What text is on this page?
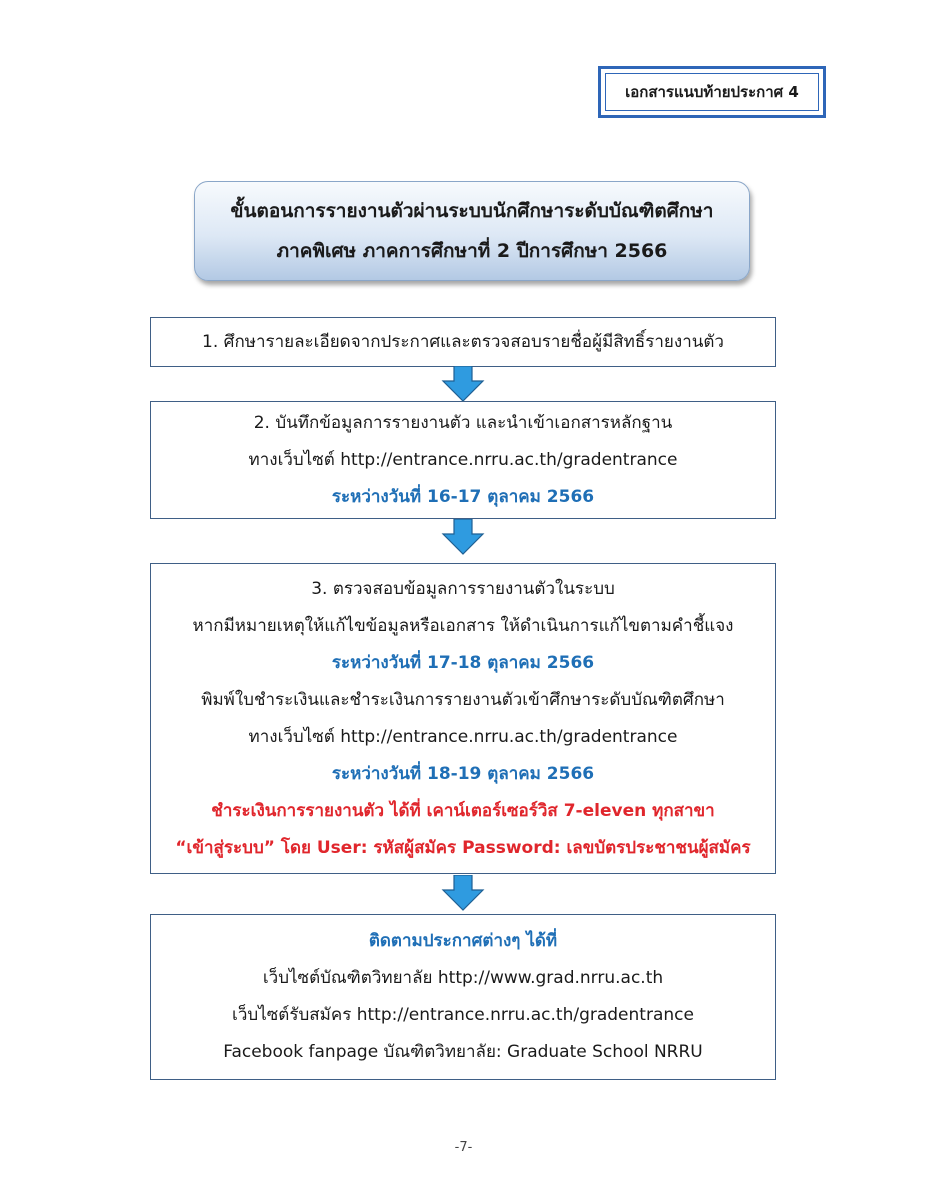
เอกสารแนบท้ายประกาศ 4
ขั้นตอนการรายงานตัวผ่านระบบนักศึกษาระดับบัณฑิตศึกษา
ภาคพิเศษ ภาคการศึกษาที่ 2 ปีการศึกษา 2566
1. ศึกษารายละเอียดจากประกาศและตรวจสอบรายชื่อผู้มีสิทธิ์รายงานตัว
2. บันทึกข้อมูลการรายงานตัว และนำเข้าเอกสารหลักฐาน
ทางเว็บไซต์ http://entrance.nrru.ac.th/gradentrance
ระหว่างวันที่ 16-17 ตุลาคม 2566
3. ตรวจสอบข้อมูลการรายงานตัวในระบบ
หากมีหมายเหตุให้แก้ไขข้อมูลหรือเอกสาร ให้ดำเนินการแก้ไขตามคำชี้แจง
ระหว่างวันที่ 17-18 ตุลาคม 2566
พิมพ์ใบชำระเงินและชำระเงินการรายงานตัวเข้าศึกษาระดับบัณฑิตศึกษา
ทางเว็บไซต์ http://entrance.nrru.ac.th/gradentrance
ระหว่างวันที่ 18-19 ตุลาคม 2566
ชำระเงินการรายงานตัว ได้ที่ เคาน์เตอร์เซอร์วิส 7-eleven ทุกสาขา
“เข้าสู่ระบบ” โดย User: รหัสผู้สมัคร Password: เลขบัตรประชาชนผู้สมัคร
ติดตามประกาศต่างๆ ได้ที่
เว็บไซต์บัณฑิตวิทยาลัย http://www.grad.nrru.ac.th
เว็บไซต์รับสมัคร http://entrance.nrru.ac.th/gradentrance
Facebook fanpage บัณฑิตวิทยาลัย: Graduate School NRRU
-7-
